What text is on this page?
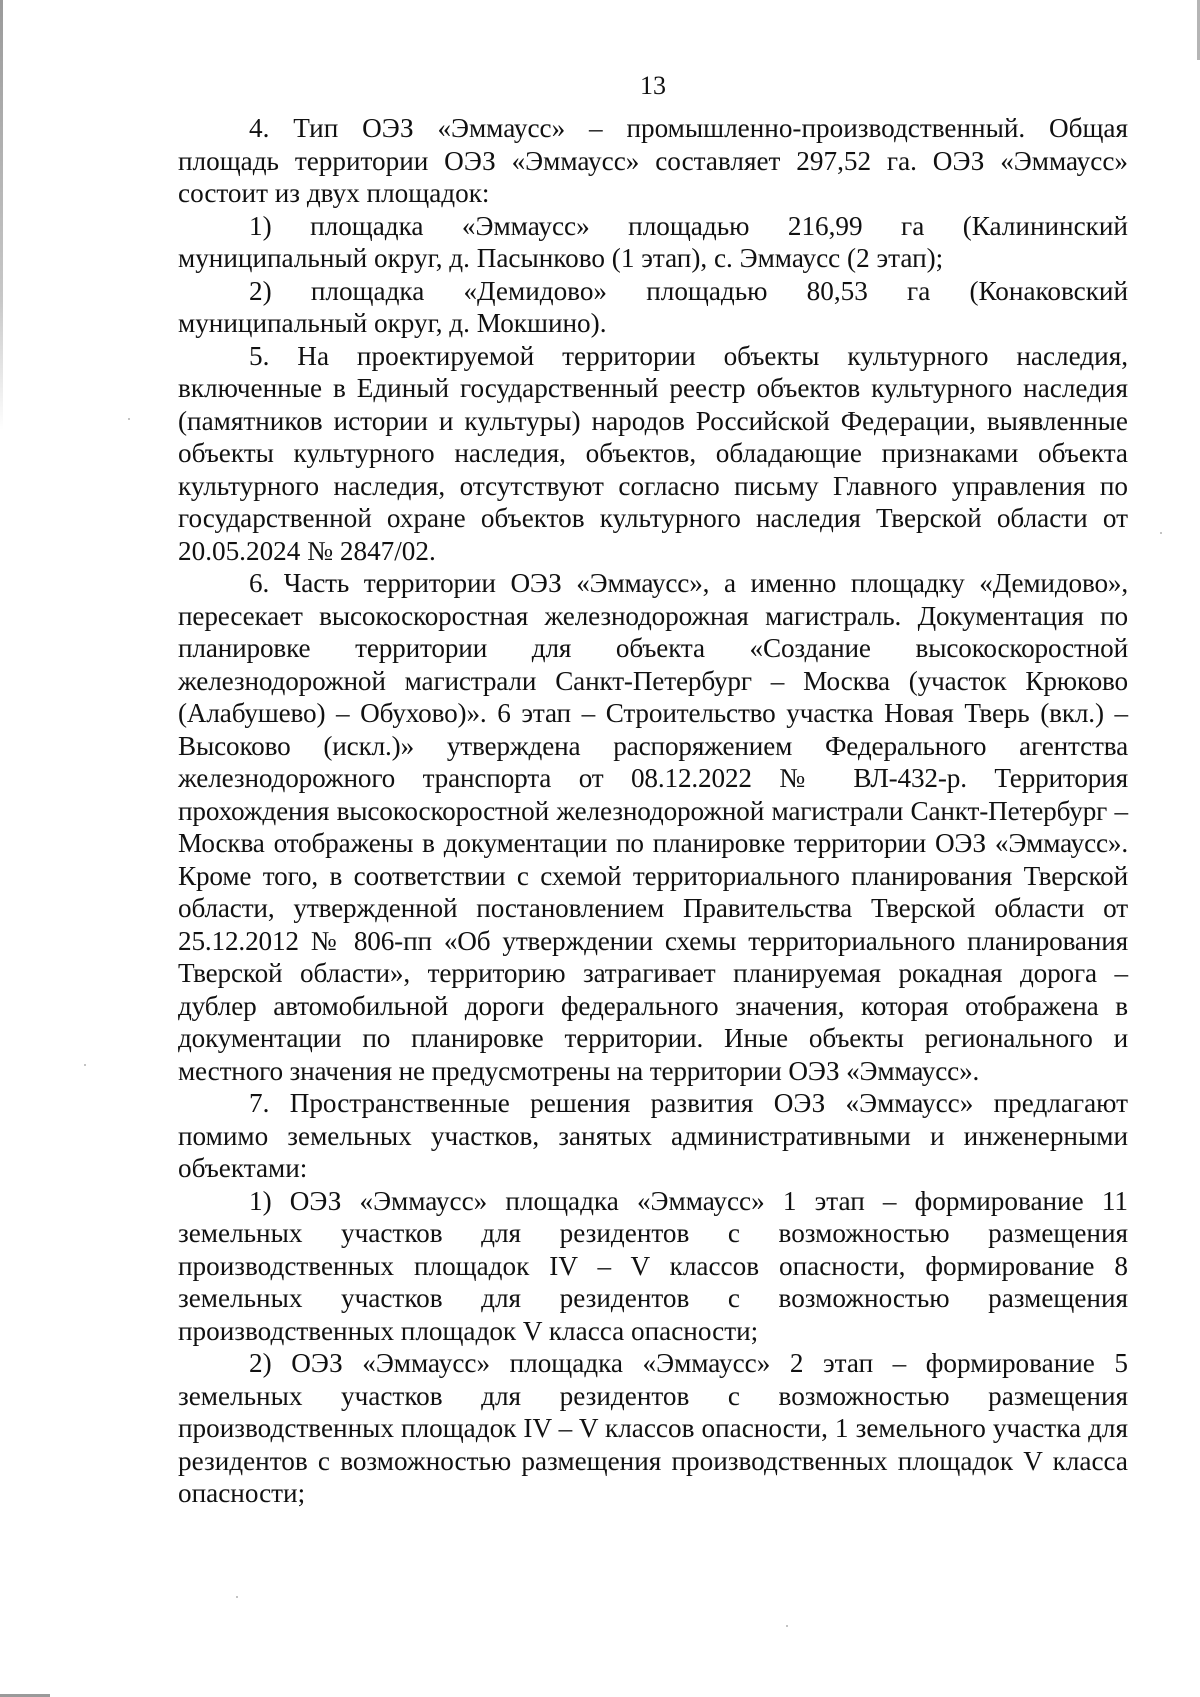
13

4. Тип ОЭЗ «Эммаусс» – промышленно-производственный. Общая площадь территории ОЭЗ «Эммаусс» составляет 297,52 га. ОЭЗ «Эммаусс» состоит из двух площадок:

1) площадка «Эммаусс» площадью 216,99 га (Калининский муниципальный округ, д. Пасынково (1 этап), с. Эммаусс (2 этап);

2) площадка «Демидово» площадью 80,53 га (Конаковский муниципальный округ, д. Мокшино).

5. На проектируемой территории объекты культурного наследия, включенные в Единый государственный реестр объектов культурного наследия (памятников истории и культуры) народов Российской Федерации, выявленные объекты культурного наследия, объектов, обладающие признаками объекта культурного наследия, отсутствуют согласно письму Главного управления по государственной охране объектов культурного наследия Тверской области от 20.05.2024 № 2847/02.

6. Часть территории ОЭЗ «Эммаусс», а именно площадку «Демидово», пересекает высокоскоростная железнодорожная магистраль. Документация по планировке территории для объекта «Создание высокоскоростной железнодорожной магистрали Санкт-Петербург – Москва (участок Крюково (Алабушево) – Обухово)». 6 этап – Строительство участка Новая Тверь (вкл.) – Высоково (искл.)» утверждена распоряжением Федерального агентства железнодорожного транспорта от 08.12.2022 № ВЛ-432-р. Территория прохождения высокоскоростной железнодорожной магистрали Санкт-Петербург – Москва отображены в документации по планировке территории ОЭЗ «Эммаусс». Кроме того, в соответствии с схемой территориального планирования Тверской области, утвержденной постановлением Правительства Тверской области от 25.12.2012 № 806-пп «Об утверждении схемы территориального планирования Тверской области», территорию затрагивает планируемая рокадная дорога – дублер автомобильной дороги федерального значения, которая отображена в документации по планировке территории. Иные объекты регионального и местного значения не предусмотрены на территории ОЭЗ «Эммаусс».

7. Пространственные решения развития ОЭЗ «Эммаусс» предлагают помимо земельных участков, занятых административными и инженерными объектами:

1) ОЭЗ «Эммаусс» площадка «Эммаусс» 1 этап – формирование 11 земельных участков для резидентов с возможностью размещения производственных площадок IV – V классов опасности, формирование 8 земельных участков для резидентов с возможностью размещения производственных площадок V класса опасности;

2) ОЭЗ «Эммаусс» площадка «Эммаусс» 2 этап – формирование 5 земельных участков для резидентов с возможностью размещения производственных площадок IV – V классов опасности, 1 земельного участка для резидентов с возможностью размещения производственных площадок V класса опасности;
